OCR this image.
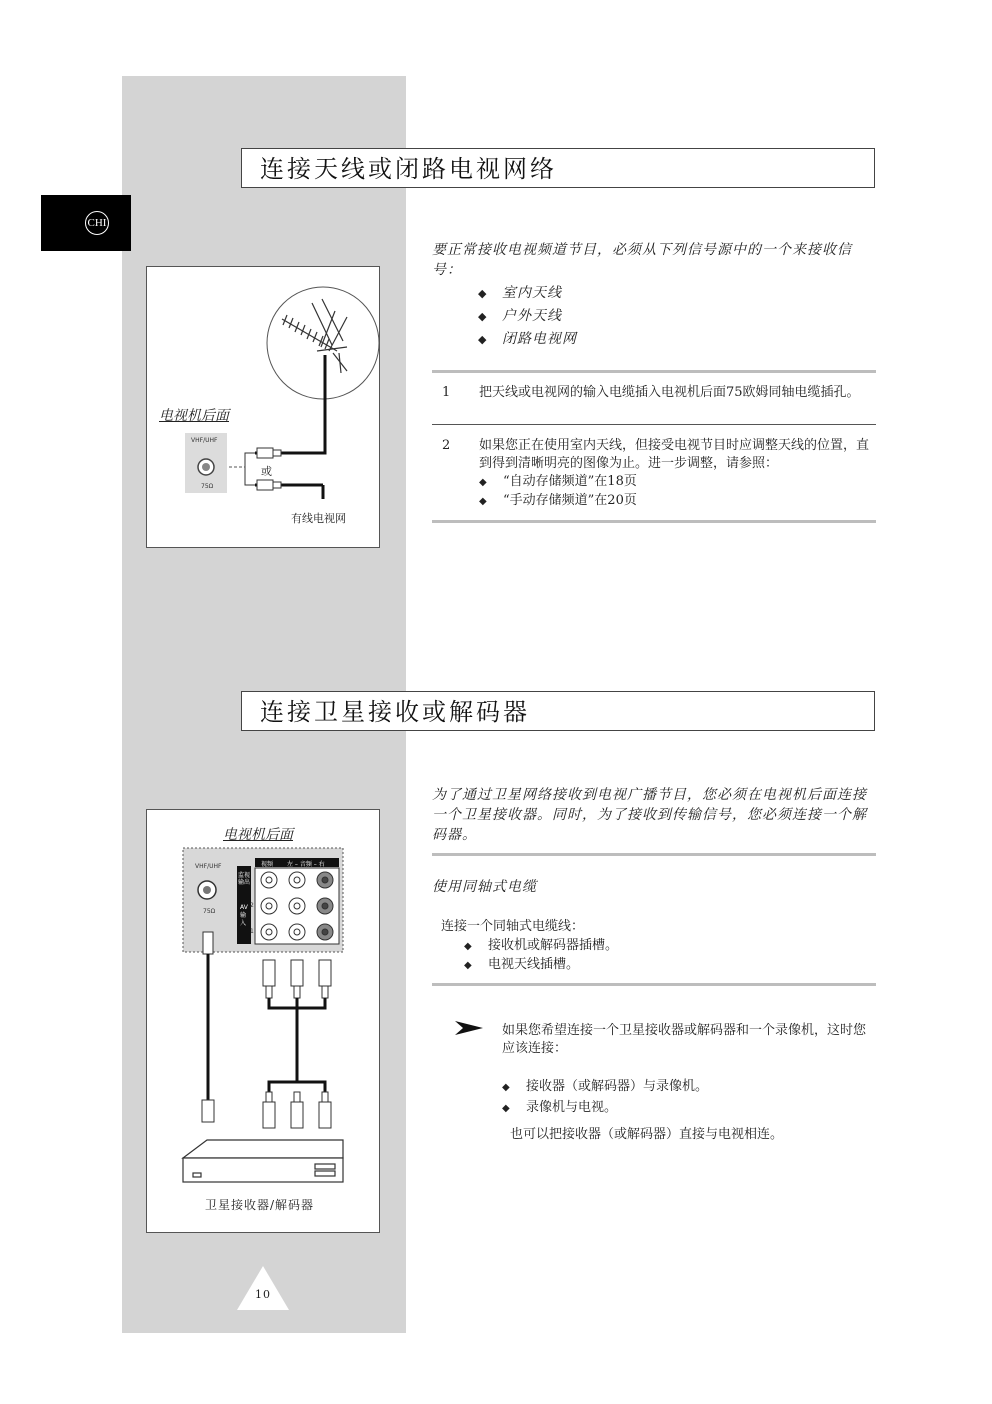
CHI
连接天线或闭路电视网络
电视机后面
VHF/UHF
75Ω
或
有线电视网
要正常接收电视频道节目，必须从下列信号源中的一个来接收信号：
◆ 室内天线
◆ 户外天线
◆ 闭路电视网
1 把天线或电视网的输入电缆插入电视机后面75欧姆同轴电缆插孔。
2 如果您正在使用室内天线，但接受电视节目时应调整天线的位置，直到得到清晰明亮的图像为止。进一步调整，请参照：
◆ “自动存储频道”在18页
◆ “手动存储频道”在20页
连接卫星接收或解码器
电视机后面
VHF/UHF
75Ω
视频 左 – 音频 – 右
监视输出
AV输入
2
1
卫星接收器/解码器
为了通过卫星网络接收到电视广播节目，您必须在电视机后面连接一个卫星接收器。同时，为了接收到传输信号，您必须连接一个解码器。
使用同轴式电缆
连接一个同轴式电缆线：
◆ 接收机或解码器插槽。
◆ 电视天线插槽。
如果您希望连接一个卫星接收器或解码器和一个录像机，这时您应该连接：
◆ 接收器（或解码器）与录像机。
◆ 录像机与电视。
也可以把接收器（或解码器）直接与电视相连。
10
